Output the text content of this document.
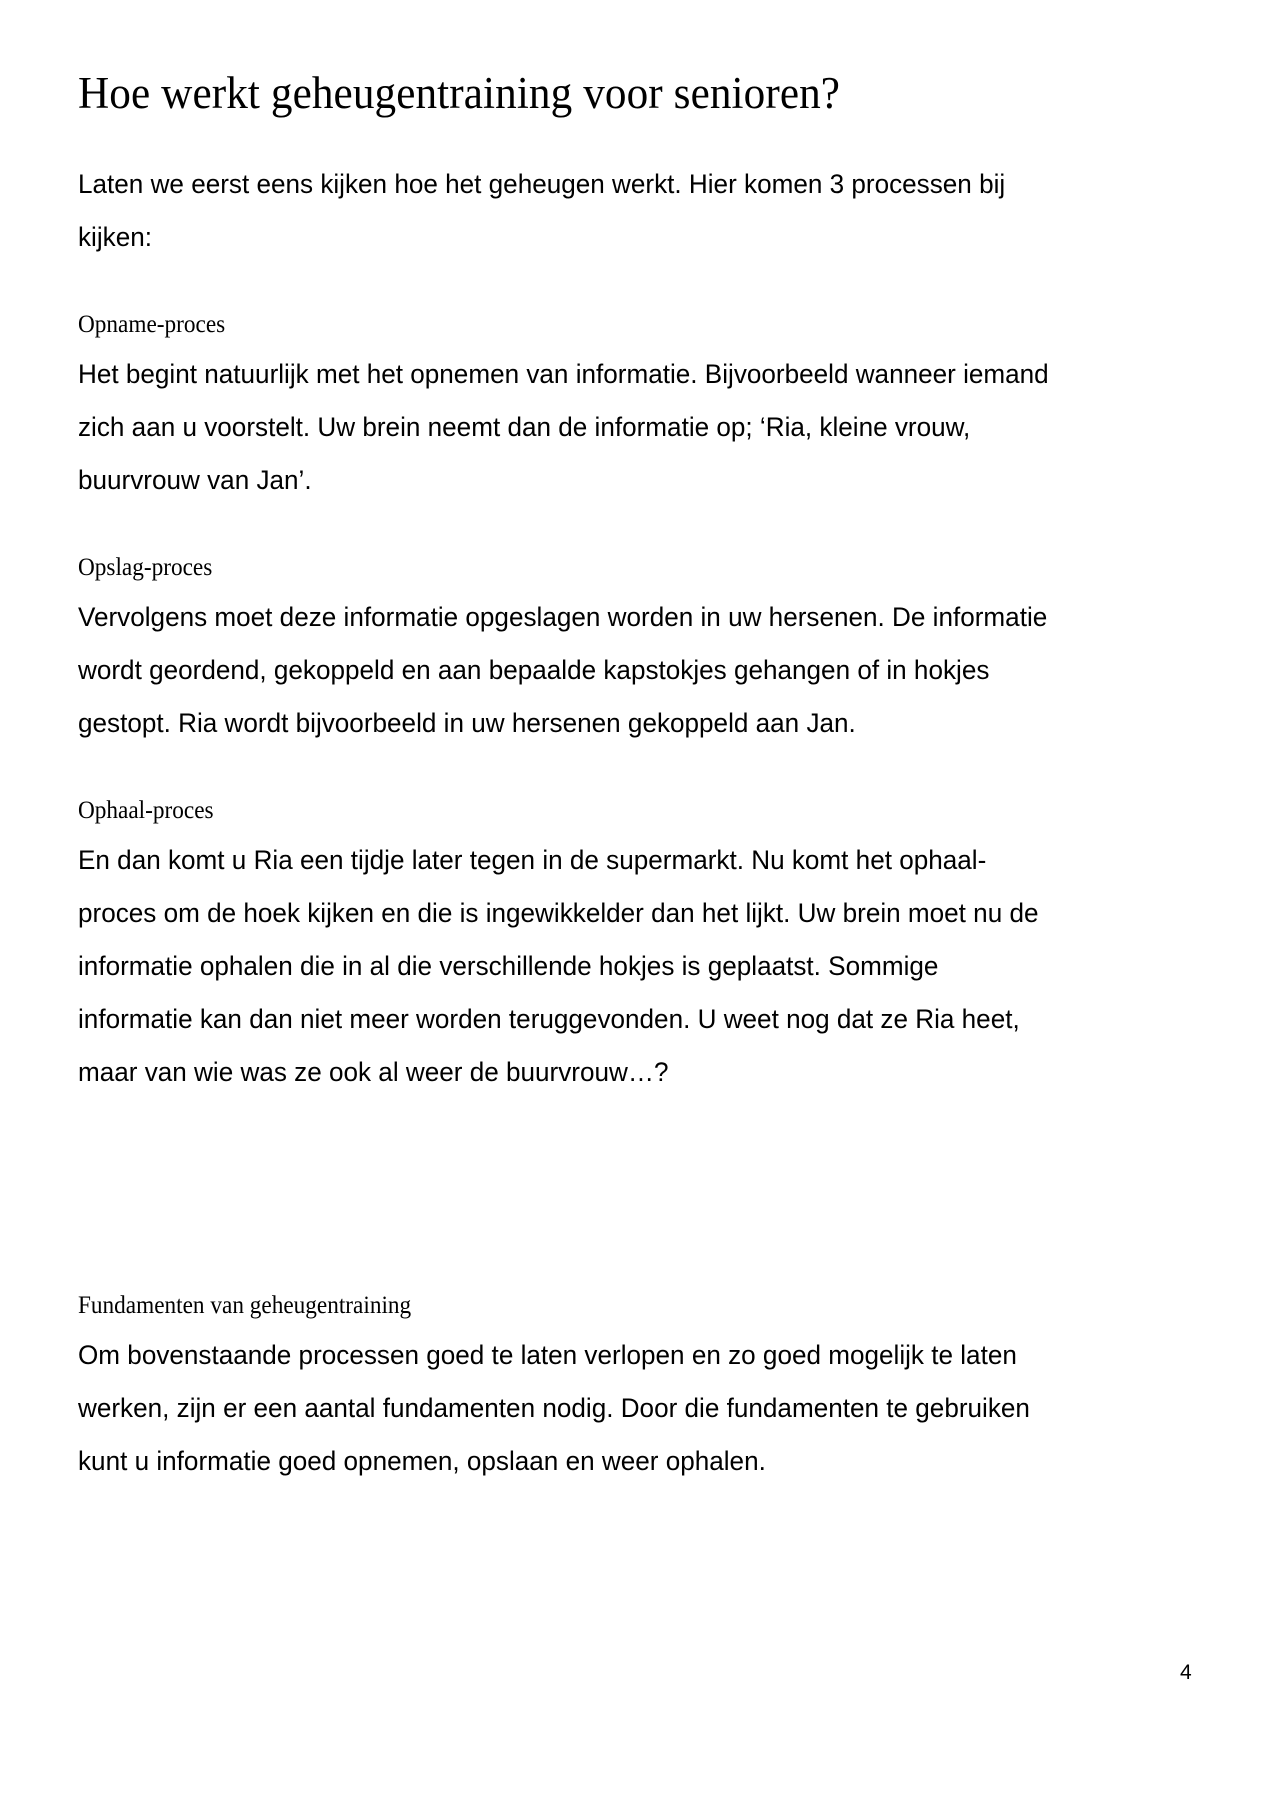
Hoe werkt geheugentraining voor senioren?

Laten we eerst eens kijken hoe het geheugen werkt. Hier komen 3 processen bij
kijken:

Opname-proces

Het begint natuurlijk met het opnemen van informatie. Bijvoorbeeld wanneer iemand
zich aan u voorstelt. Uw brein neemt dan de informatie op; ‘Ria, kleine vrouw,
buurvrouw van Jan’.

Opslag-proces

Vervolgens moet deze informatie opgeslagen worden in uw hersenen. De informatie
wordt geordend, gekoppeld en aan bepaalde kapstokjes gehangen of in hokjes
gestopt. Ria wordt bijvoorbeeld in uw hersenen gekoppeld aan Jan.

Ophaal-proces

En dan komt u Ria een tijdje later tegen in de supermarkt. Nu komt het ophaal-
proces om de hoek kijken en die is ingewikkelder dan het lijkt. Uw brein moet nu de
informatie ophalen die in al die verschillende hokjes is geplaatst. Sommige
informatie kan dan niet meer worden teruggevonden. U weet nog dat ze Ria heet,
maar van wie was ze ook al weer de buurvrouw…?

Fundamenten van geheugentraining

Om bovenstaande processen goed te laten verlopen en zo goed mogelijk te laten
werken, zijn er een aantal fundamenten nodig. Door die fundamenten te gebruiken
kunt u informatie goed opnemen, opslaan en weer ophalen.

4
